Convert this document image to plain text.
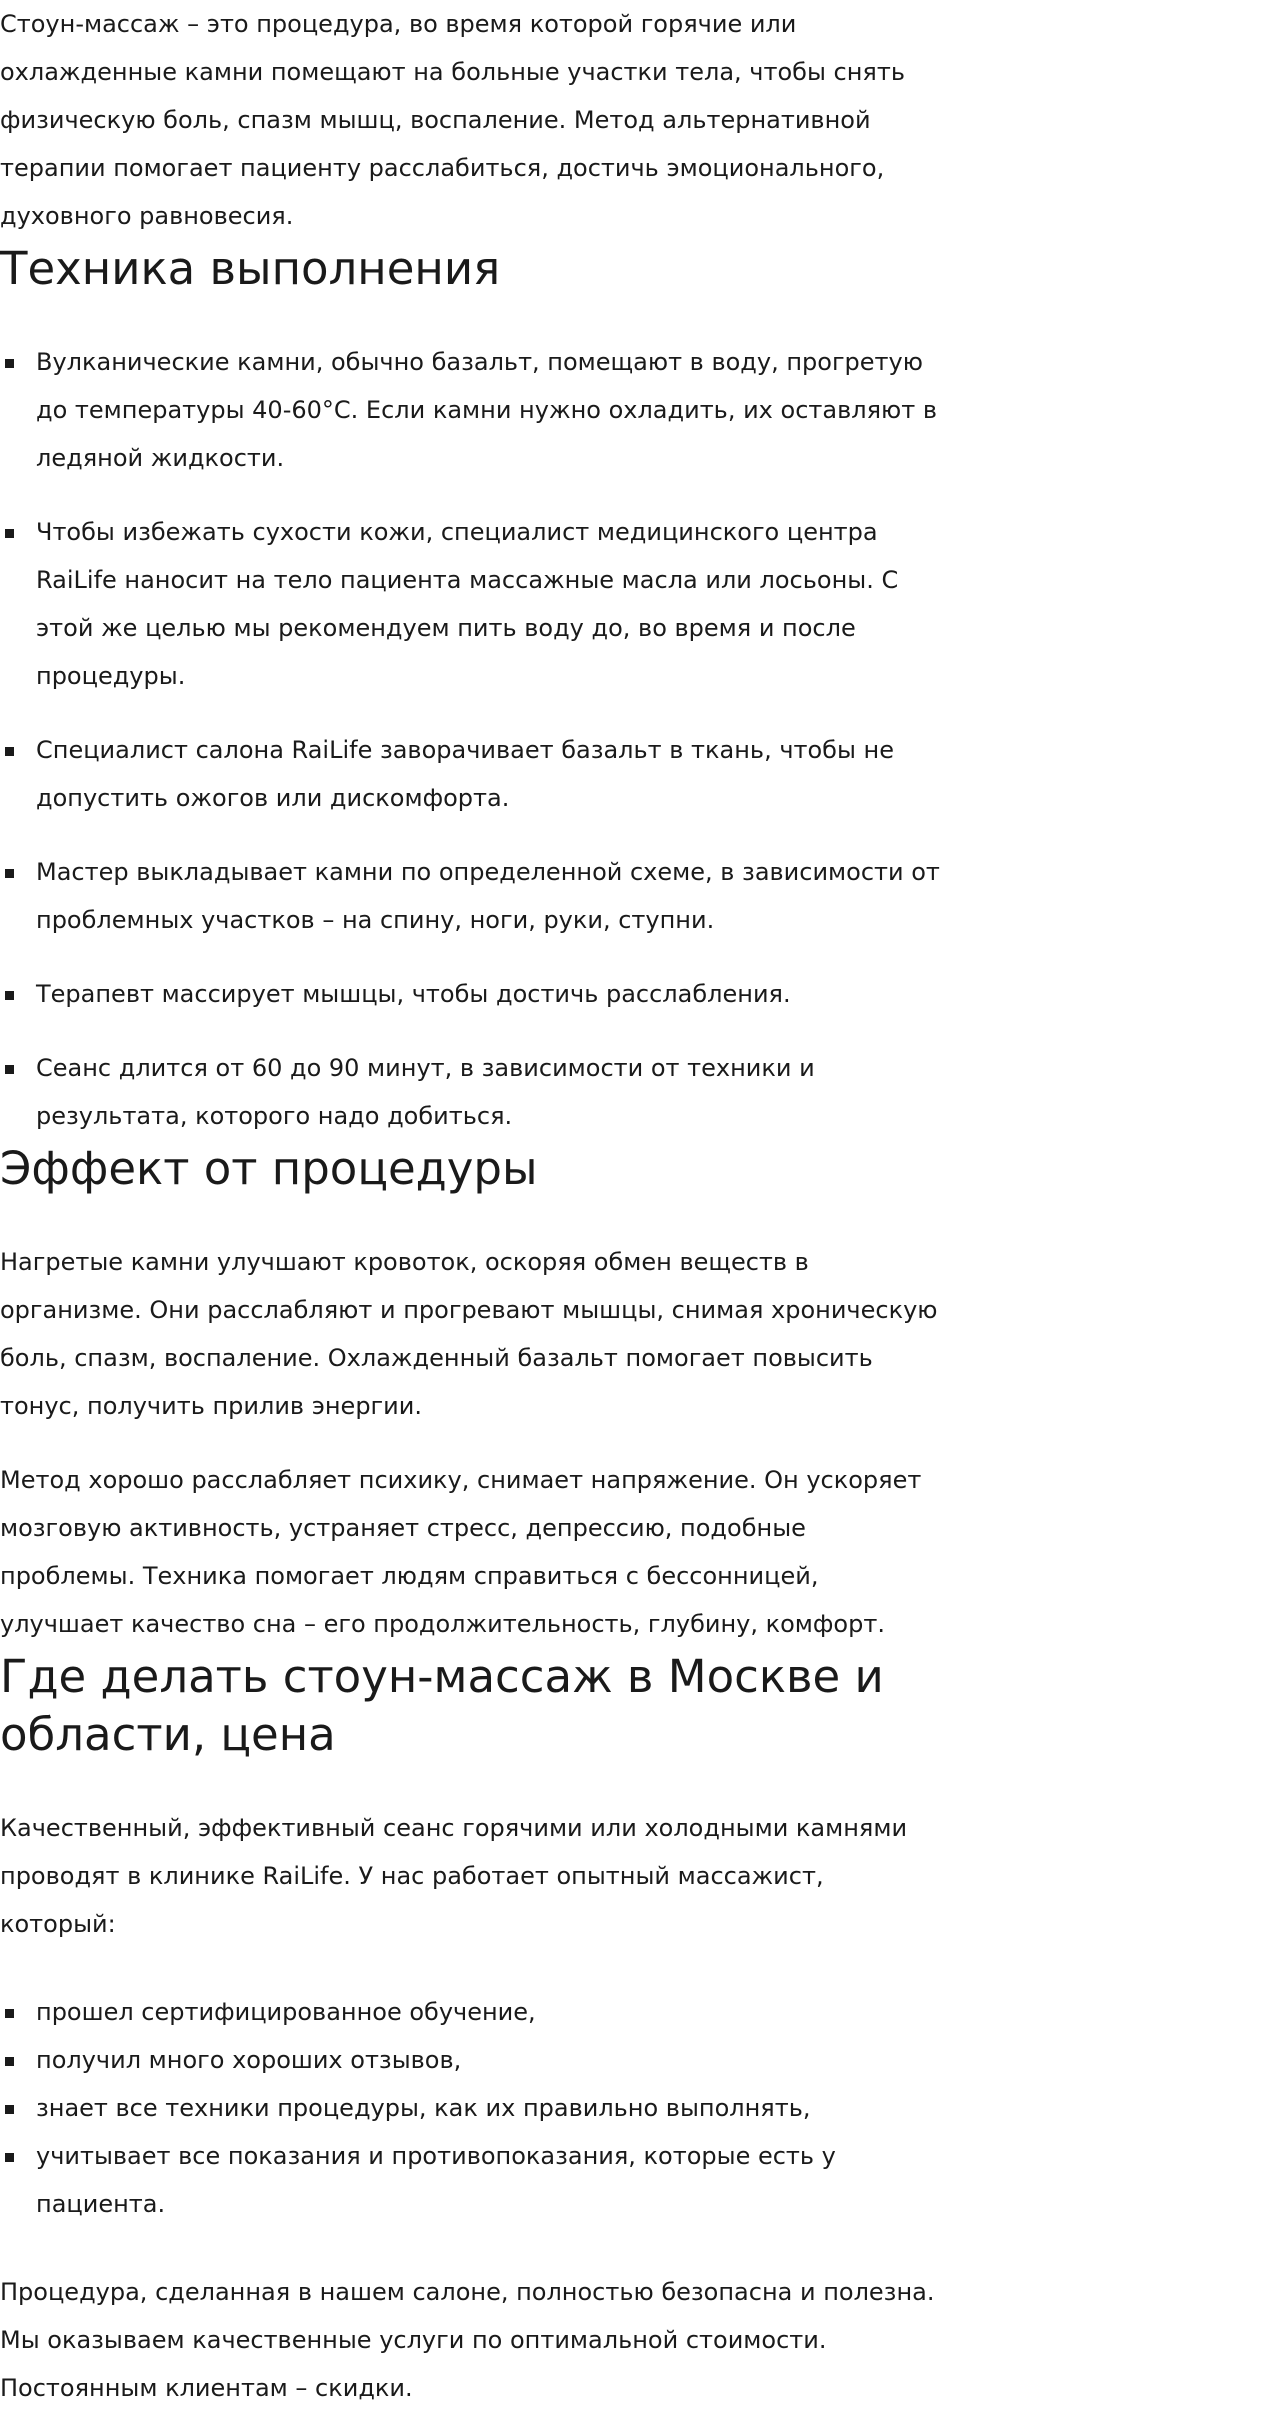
Стоун-массаж – это процедура, во время которой горячие или охлажденные камни помещают на больные участки тела, чтобы снять физическую боль, спазм мышц, воспаление. Метод альтернативной терапии помогает пациенту расслабиться, достичь эмоционального, духовного равновесия.

Техника выполнения
Вулканические камни, обычно базальт, помещают в воду, прогретую до температуры 40-60°С. Если камни нужно охладить, их оставляют в ледяной жидкости.
Чтобы избежать сухости кожи, специалист медицинского центра RaiLife наносит на тело пациента массажные масла или лосьоны. С этой же целью мы рекомендуем пить воду до, во время и после процедуры.
Специалист салона RaiLife заворачивает базальт в ткань, чтобы не допустить ожогов или дискомфорта.
Мастер выкладывает камни по определенной схеме, в зависимости от проблемных участков – на спину, ноги, руки, ступни.
Терапевт массирует мышцы, чтобы достичь расслабления.
Сеанс длится от 60 до 90 минут, в зависимости от техники и результата, которого надо добиться.
Эффект от процедуры

Нагретые камни улучшают кровоток, оскоряя обмен веществ в организме. Они расслабляют и прогревают мышцы, снимая хроническую боль, спазм, воспаление. Охлажденный базальт помогает повысить тонус, получить прилив энергии.

Метод хорошо расслабляет психику, снимает напряжение. Он ускоряет мозговую активность, устраняет стресс, депрессию, подобные проблемы. Техника помогает людям справиться с бессонницей, улучшает качество сна – его продолжительность, глубину, комфорт.

Где делать стоун-массаж в Москве и области, цена

Качественный, эффективный сеанс горячими или холодными камнями проводят в клинике RaiLife. У нас работает опытный массажист, который:

прошел сертифицированное обучение,
получил много хороших отзывов,
знает все техники процедуры, как их правильно выполнять,
учитывает все показания и противопоказания, которые есть у пациента.

Процедура, сделанная в нашем салоне, полностью безопасна и полезна. Мы оказываем качественные услуги по оптимальной стоимости. Постоянным клиентам – скидки.
